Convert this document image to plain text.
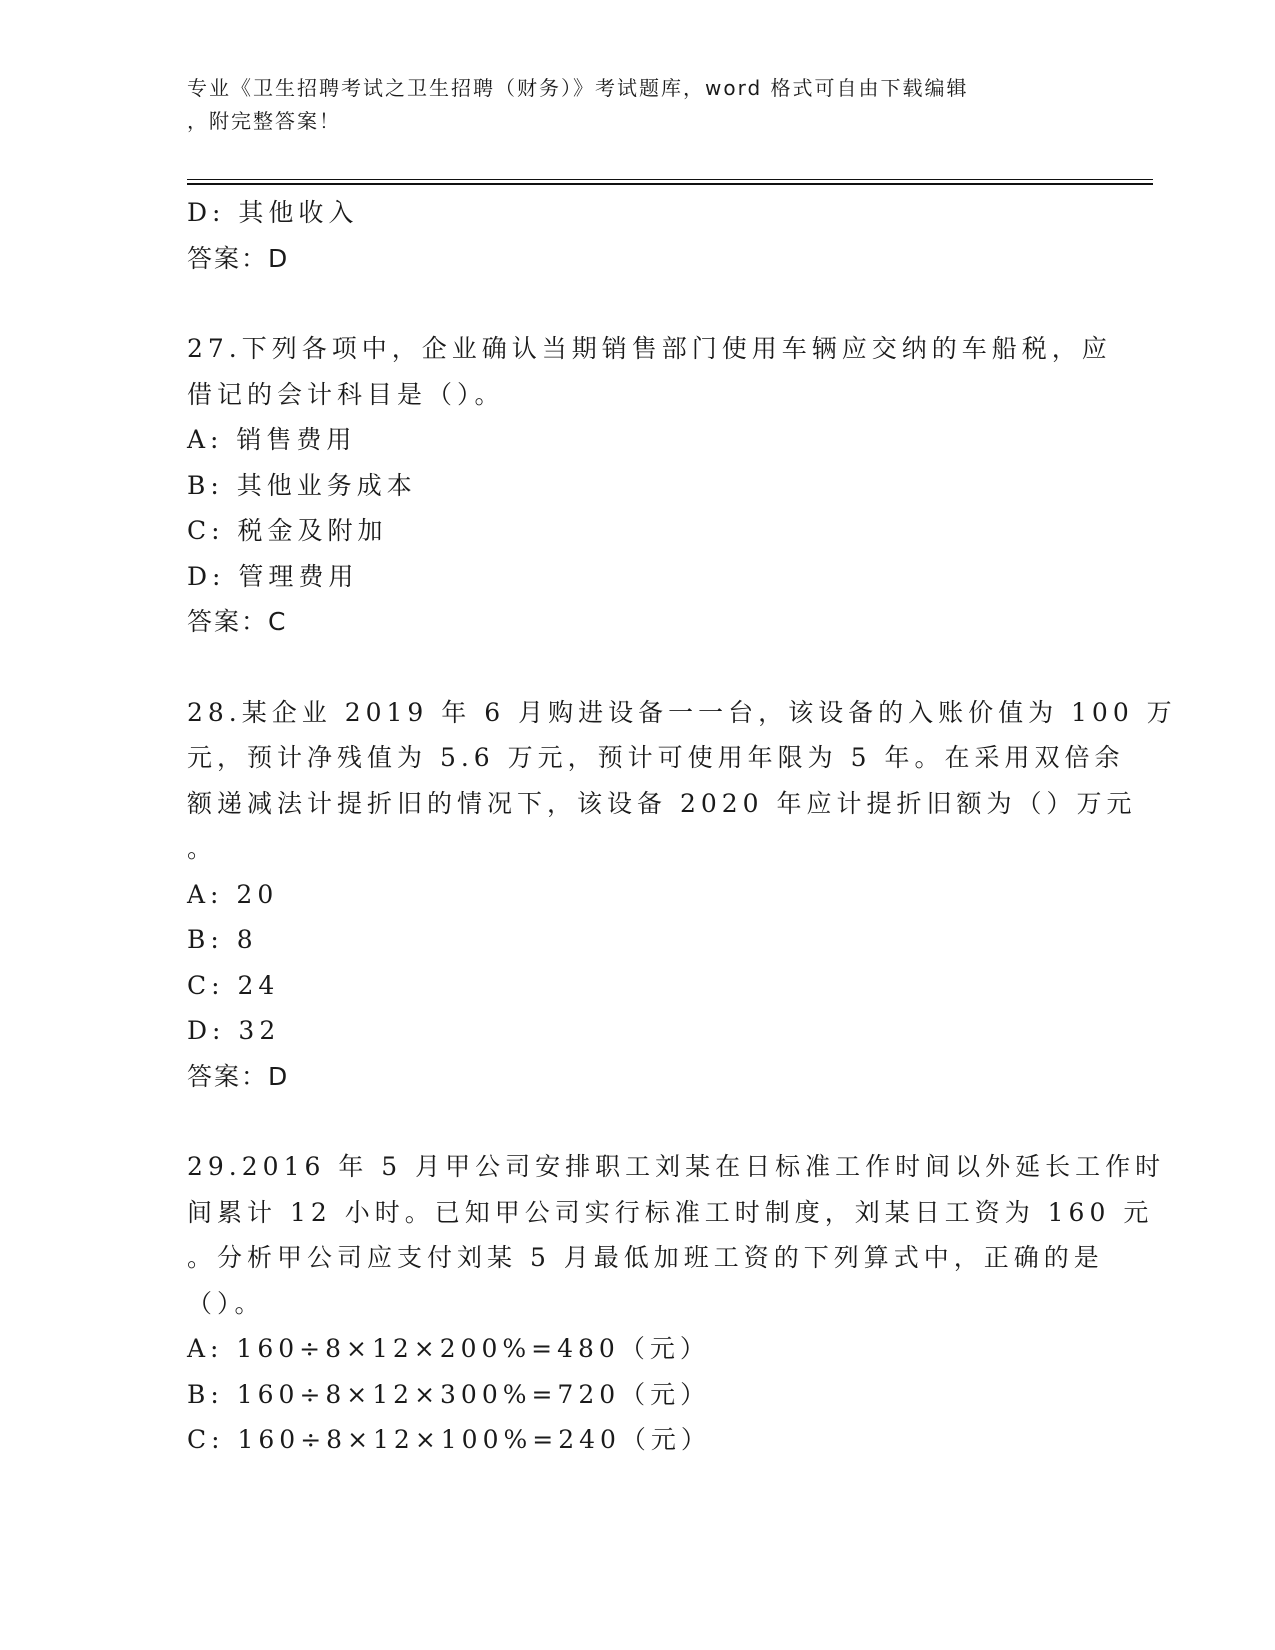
专业《卫生招聘考试之卫生招聘（财务）》考试题库，word 格式可自由下载编辑
，附完整答案！
D: 其他收入
答案：D
27.下列各项中，企业确认当期销售部门使用车辆应交纳的车船税，应
借记的会计科目是（）。
A: 销售费用
B: 其他业务成本
C: 税金及附加
D: 管理费用
答案：C
28.某企业 2019 年 6 月购进设备一一台，该设备的入账价值为 100 万
元，预计净残值为 5.6 万元，预计可使用年限为 5 年。在采用双倍余
额递减法计提折旧的情况下，该设备 2020 年应计提折旧额为（）万元
。
A: 20
B: 8
C: 24
D: 32
答案：D
29.2016 年 5 月甲公司安排职工刘某在日标准工作时间以外延长工作时
间累计 12 小时。已知甲公司实行标准工时制度，刘某日工资为 160 元
。分析甲公司应支付刘某 5 月最低加班工资的下列算式中，正确的是
（）。
A: 160÷8×12×200%=480（元）
B: 160÷8×12×300%=720（元）
C: 160÷8×12×100%=240（元）
